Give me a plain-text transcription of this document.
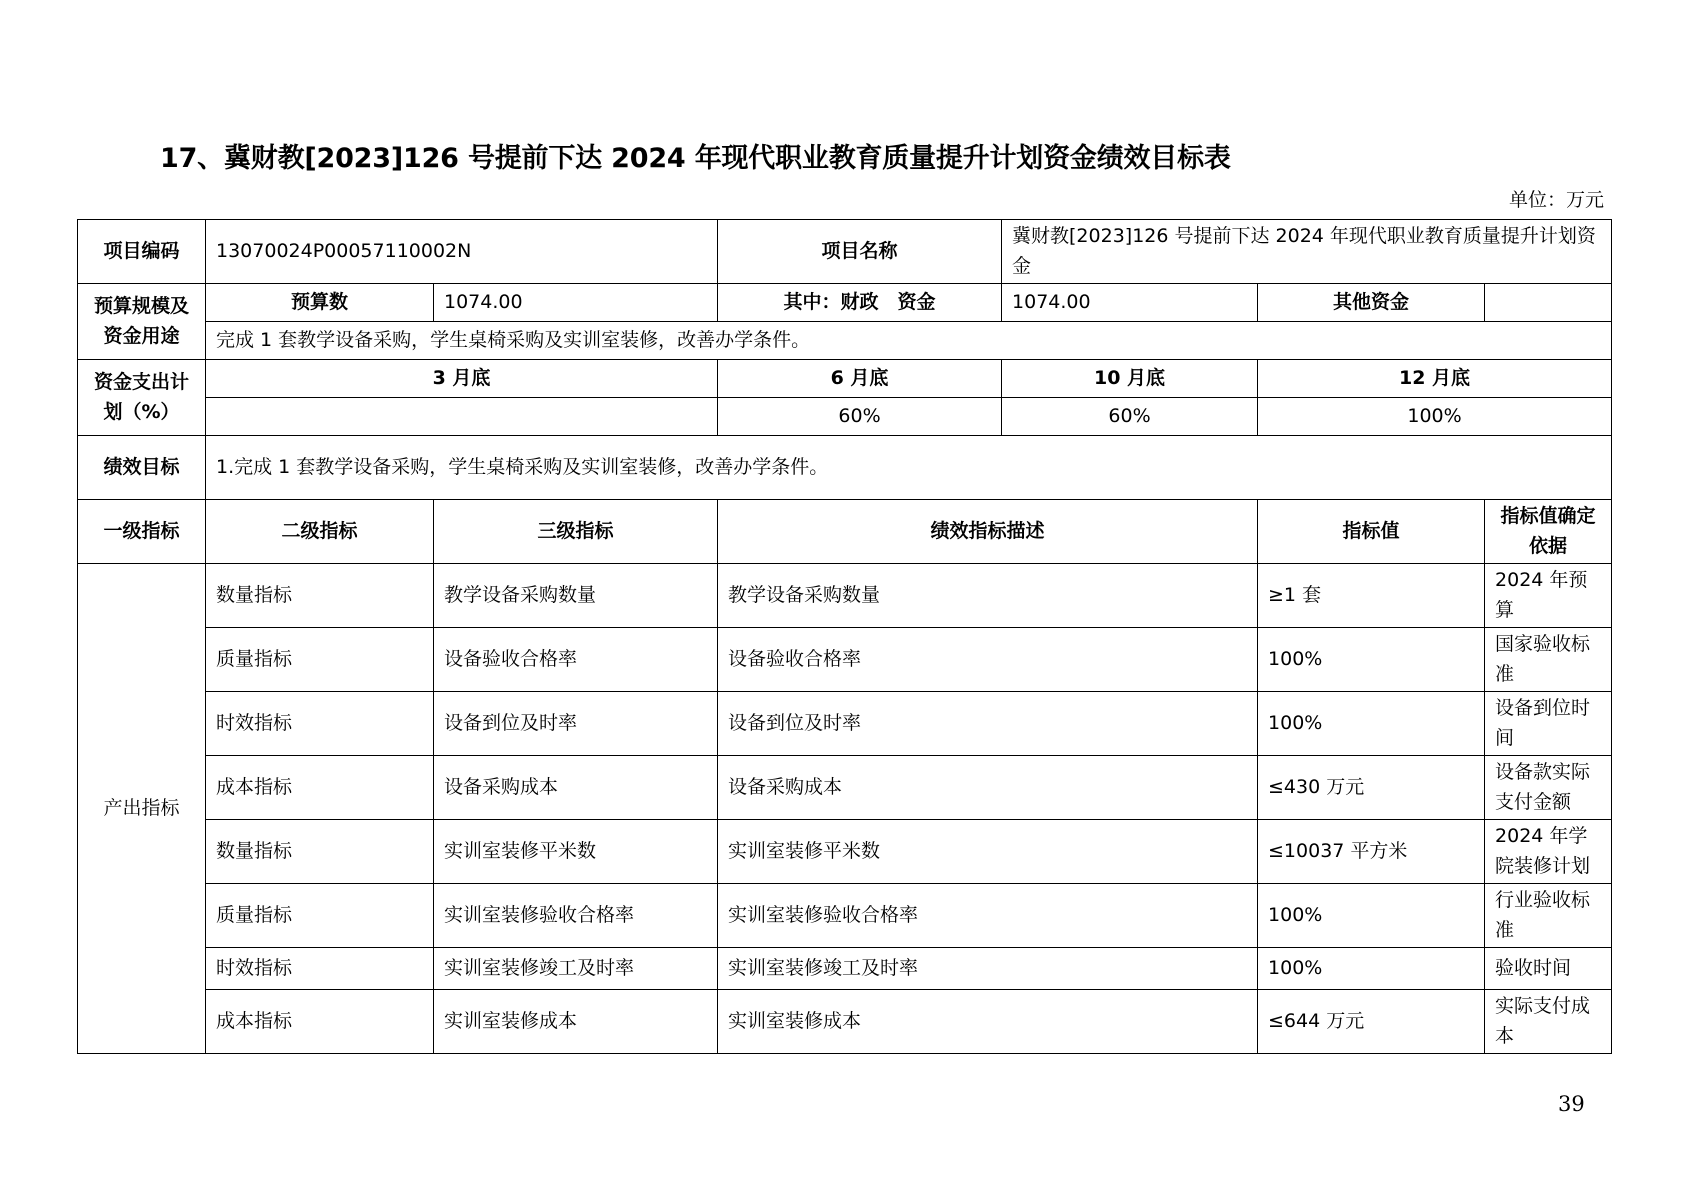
17、冀财教[2023]126 号提前下达 2024 年现代职业教育质量提升计划资金绩效目标表
单位：万元
项目编码	13070024P00057110002N		项目名称	冀财教[2023]126 号提前下达 2024 年现代职业教育质量提升计划资金		
预算规模及资金用途	预算数	1074.00	其中：财政　资金	1074.00	其他资金	
	完成 1 套教学设备采购，学生桌椅采购及实训室装修，改善办学条件。					
资金支出计划（%）	3 月底		6 月底	10 月底	12 月底	
			60%	60%	100%	
绩效目标	1.完成 1 套教学设备采购，学生桌椅采购及实训室装修，改善办学条件。					
一级指标	二级指标	三级指标	绩效指标描述		指标值	指标值确定依据
产出指标	数量指标	教学设备采购数量	教学设备采购数量		≥1 套	2024 年预算
	质量指标	设备验收合格率	设备验收合格率		100%	国家验收标准
	时效指标	设备到位及时率	设备到位及时率		100%	设备到位时间
	成本指标	设备采购成本	设备采购成本		≤430 万元	设备款实际支付金额
	数量指标	实训室装修平米数	实训室装修平米数		≤10037 平方米	2024 年学院装修计划
	质量指标	实训室装修验收合格率	实训室装修验收合格率		100%	行业验收标准
	时效指标	实训室装修竣工及时率	实训室装修竣工及时率		100%	验收时间
	成本指标	实训室装修成本	实训室装修成本		≤644 万元	实际支付成本
39
